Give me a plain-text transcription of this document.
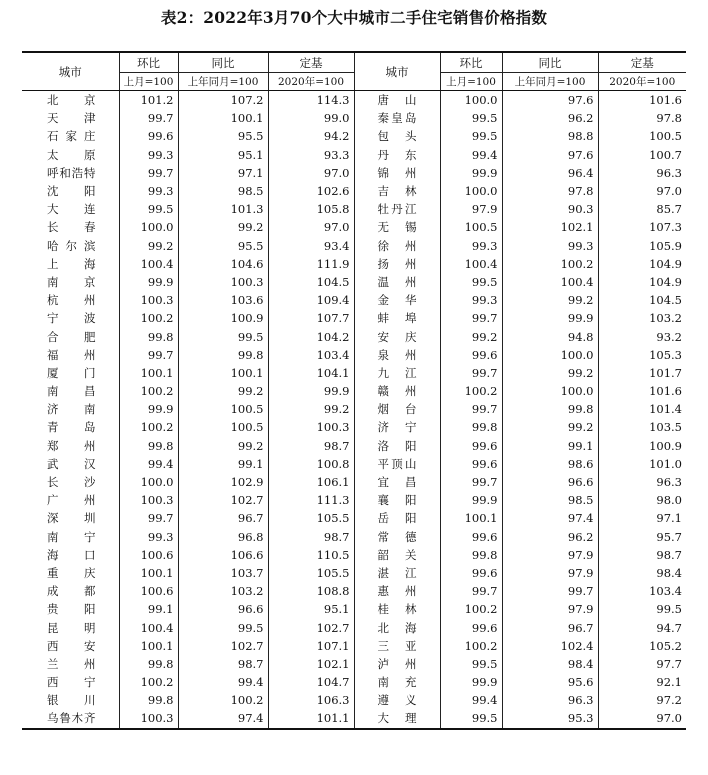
表2：2022年3月70个大中城市二手住宅销售价格指数
城市	环比	同比	定基	城市	环比	同比	定基
	上月=100	上年同月=100	2020年=100		上月=100	上年同月=100	2020年=100
北京	101.2	107.2	114.3	唐山	100.0	97.6	101.6
天津	99.7	100.1	99.0	秦皇岛	99.5	96.2	97.8
石家庄	99.6	95.5	94.2	包头	99.5	98.8	100.5
太原	99.3	95.1	93.3	丹东	99.4	97.6	100.7
呼和浩特	99.7	97.1	97.0	锦州	99.9	96.4	96.3
沈阳	99.3	98.5	102.6	吉林	100.0	97.8	97.0
大连	99.5	101.3	105.8	牡丹江	97.9	90.3	85.7
长春	100.0	99.2	97.0	无锡	100.5	102.1	107.3
哈尔滨	99.2	95.5	93.4	徐州	99.3	99.3	105.9
上海	100.4	104.6	111.9	扬州	100.4	100.2	104.9
南京	99.9	100.3	104.5	温州	99.5	100.4	104.9
杭州	100.3	103.6	109.4	金华	99.3	99.2	104.5
宁波	100.2	100.9	107.7	蚌埠	99.7	99.9	103.2
合肥	99.8	99.5	104.2	安庆	99.2	94.8	93.2
福州	99.7	99.8	103.4	泉州	99.6	100.0	105.3
厦门	100.1	100.1	104.1	九江	99.7	99.2	101.7
南昌	100.2	99.2	99.9	赣州	100.2	100.0	101.6
济南	99.9	100.5	99.2	烟台	99.7	99.8	101.4
青岛	100.2	100.5	100.3	济宁	99.8	99.2	103.5
郑州	99.8	99.2	98.7	洛阳	99.6	99.1	100.9
武汉	99.4	99.1	100.8	平顶山	99.6	98.6	101.0
长沙	100.0	102.9	106.1	宜昌	99.7	96.6	96.3
广州	100.3	102.7	111.3	襄阳	99.9	98.5	98.0
深圳	99.7	96.7	105.5	岳阳	100.1	97.4	97.1
南宁	99.3	96.8	98.7	常德	99.6	96.2	95.7
海口	100.6	106.6	110.5	韶关	99.8	97.9	98.7
重庆	100.1	103.7	105.5	湛江	99.6	97.9	98.4
成都	100.6	103.2	108.8	惠州	99.7	99.7	103.4
贵阳	99.1	96.6	95.1	桂林	100.2	97.9	99.5
昆明	100.4	99.5	102.7	北海	99.6	96.7	94.7
西安	100.1	102.7	107.1	三亚	100.2	102.4	105.2
兰州	99.8	98.7	102.1	泸州	99.5	98.4	97.7
西宁	100.2	99.4	104.7	南充	99.9	95.6	92.1
银川	99.8	100.2	106.3	遵义	99.4	96.3	97.2
乌鲁木齐	100.3	97.4	101.1	大理	99.5	95.3	97.0
